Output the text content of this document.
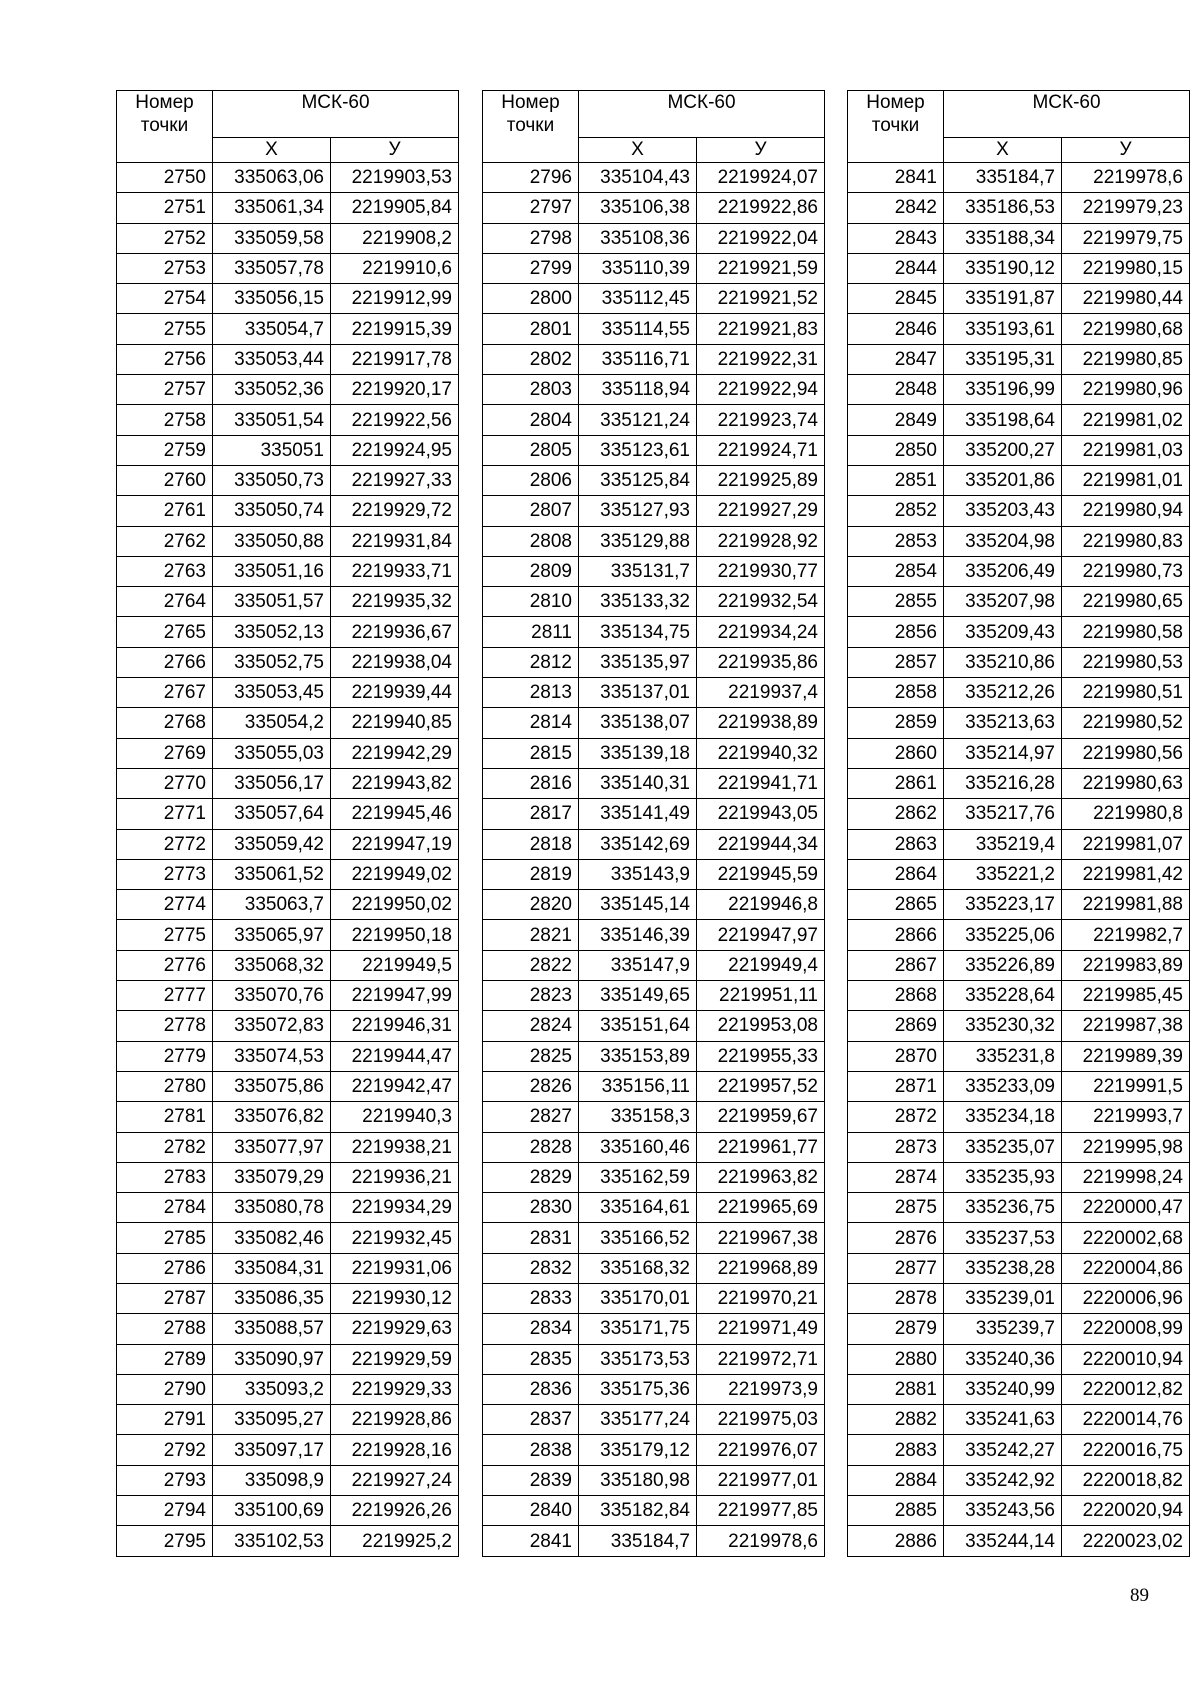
Номер
точки	МСК-60	
	Х	У
2750	335063,06	2219903,53
2751	335061,34	2219905,84
2752	335059,58	2219908,2
2753	335057,78	2219910,6
2754	335056,15	2219912,99
2755	335054,7	2219915,39
2756	335053,44	2219917,78
2757	335052,36	2219920,17
2758	335051,54	2219922,56
2759	335051	2219924,95
2760	335050,73	2219927,33
2761	335050,74	2219929,72
2762	335050,88	2219931,84
2763	335051,16	2219933,71
2764	335051,57	2219935,32
2765	335052,13	2219936,67
2766	335052,75	2219938,04
2767	335053,45	2219939,44
2768	335054,2	2219940,85
2769	335055,03	2219942,29
2770	335056,17	2219943,82
2771	335057,64	2219945,46
2772	335059,42	2219947,19
2773	335061,52	2219949,02
2774	335063,7	2219950,02
2775	335065,97	2219950,18
2776	335068,32	2219949,5
2777	335070,76	2219947,99
2778	335072,83	2219946,31
2779	335074,53	2219944,47
2780	335075,86	2219942,47
2781	335076,82	2219940,3
2782	335077,97	2219938,21
2783	335079,29	2219936,21
2784	335080,78	2219934,29
2785	335082,46	2219932,45
2786	335084,31	2219931,06
2787	335086,35	2219930,12
2788	335088,57	2219929,63
2789	335090,97	2219929,59
2790	335093,2	2219929,33
2791	335095,27	2219928,86
2792	335097,17	2219928,16
2793	335098,9	2219927,24
2794	335100,69	2219926,26
2795	335102,53	2219925,2
Номер
точки	МСК-60	
	Х	У
2796	335104,43	2219924,07
2797	335106,38	2219922,86
2798	335108,36	2219922,04
2799	335110,39	2219921,59
2800	335112,45	2219921,52
2801	335114,55	2219921,83
2802	335116,71	2219922,31
2803	335118,94	2219922,94
2804	335121,24	2219923,74
2805	335123,61	2219924,71
2806	335125,84	2219925,89
2807	335127,93	2219927,29
2808	335129,88	2219928,92
2809	335131,7	2219930,77
2810	335133,32	2219932,54
2811	335134,75	2219934,24
2812	335135,97	2219935,86
2813	335137,01	2219937,4
2814	335138,07	2219938,89
2815	335139,18	2219940,32
2816	335140,31	2219941,71
2817	335141,49	2219943,05
2818	335142,69	2219944,34
2819	335143,9	2219945,59
2820	335145,14	2219946,8
2821	335146,39	2219947,97
2822	335147,9	2219949,4
2823	335149,65	2219951,11
2824	335151,64	2219953,08
2825	335153,89	2219955,33
2826	335156,11	2219957,52
2827	335158,3	2219959,67
2828	335160,46	2219961,77
2829	335162,59	2219963,82
2830	335164,61	2219965,69
2831	335166,52	2219967,38
2832	335168,32	2219968,89
2833	335170,01	2219970,21
2834	335171,75	2219971,49
2835	335173,53	2219972,71
2836	335175,36	2219973,9
2837	335177,24	2219975,03
2838	335179,12	2219976,07
2839	335180,98	2219977,01
2840	335182,84	2219977,85
2841	335184,7	2219978,6
Номер
точки	МСК-60	
	Х	У
2841	335184,7	2219978,6
2842	335186,53	2219979,23
2843	335188,34	2219979,75
2844	335190,12	2219980,15
2845	335191,87	2219980,44
2846	335193,61	2219980,68
2847	335195,31	2219980,85
2848	335196,99	2219980,96
2849	335198,64	2219981,02
2850	335200,27	2219981,03
2851	335201,86	2219981,01
2852	335203,43	2219980,94
2853	335204,98	2219980,83
2854	335206,49	2219980,73
2855	335207,98	2219980,65
2856	335209,43	2219980,58
2857	335210,86	2219980,53
2858	335212,26	2219980,51
2859	335213,63	2219980,52
2860	335214,97	2219980,56
2861	335216,28	2219980,63
2862	335217,76	2219980,8
2863	335219,4	2219981,07
2864	335221,2	2219981,42
2865	335223,17	2219981,88
2866	335225,06	2219982,7
2867	335226,89	2219983,89
2868	335228,64	2219985,45
2869	335230,32	2219987,38
2870	335231,8	2219989,39
2871	335233,09	2219991,5
2872	335234,18	2219993,7
2873	335235,07	2219995,98
2874	335235,93	2219998,24
2875	335236,75	2220000,47
2876	335237,53	2220002,68
2877	335238,28	2220004,86
2878	335239,01	2220006,96
2879	335239,7	2220008,99
2880	335240,36	2220010,94
2881	335240,99	2220012,82
2882	335241,63	2220014,76
2883	335242,27	2220016,75
2884	335242,92	2220018,82
2885	335243,56	2220020,94
2886	335244,14	2220023,02
89
